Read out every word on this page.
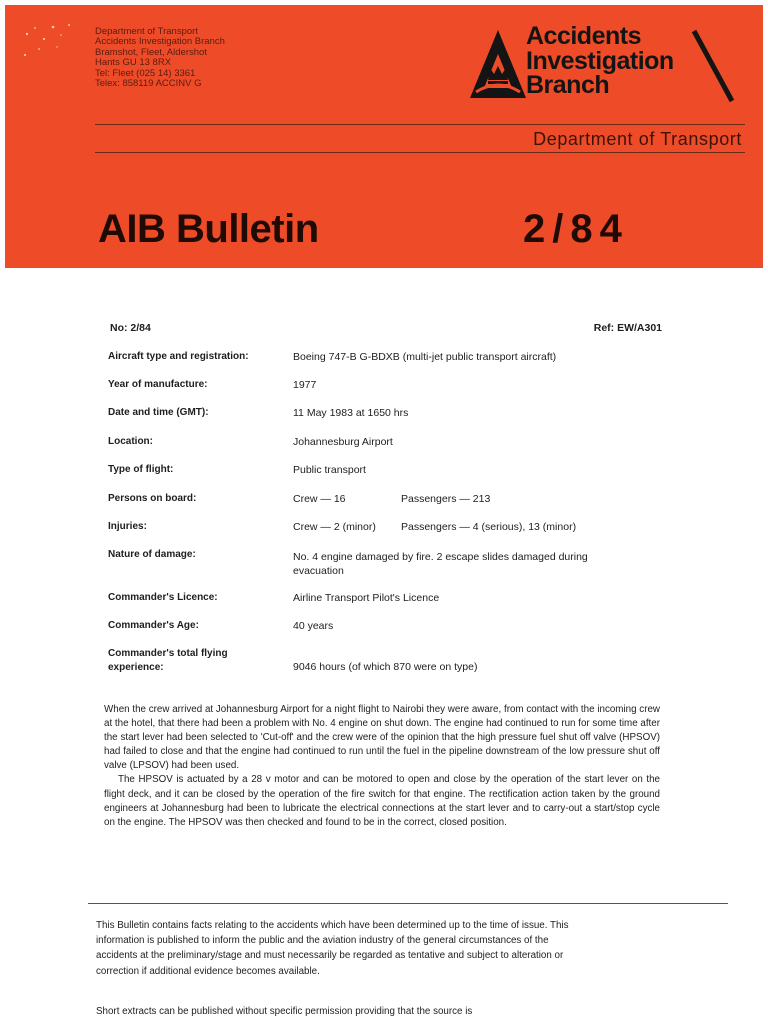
Department of Transport
Accidents Investigation Branch
Bramshot, Fleet, Aldershot
Hants GU 13 8RX
Tel: Fleet (025 14) 3361
Telex: 858119 ACCINV G
Accidents
Investigation
Branch
Department of Transport
AIB Bulletin	2/84
No: 2/84	Ref: EW/A301
Aircraft type and registration:	Boeing 747-B G-BDXB (multi-jet public transport aircraft)
Year of manufacture:	1977
Date and time (GMT):	11 May 1983 at 1650 hrs
Location:	Johannesburg Airport
Type of flight:	Public transport
Persons on board:	Crew — 16	Passengers — 213
Injuries:	Crew — 2 (minor) Passengers — 4 (serious), 13 (minor)
Nature of damage:	No. 4 engine damaged by fire. 2 escape slides damaged during evacuation
Commander's Licence:	Airline Transport Pilot's Licence
Commander's Age:	40 years
Commander's total flying experience:	9046 hours (of which 870 were on type)

When the crew arrived at Johannesburg Airport for a night flight to Nairobi they were aware, from contact with the incoming crew at the hotel, that there had been a problem with No. 4 engine on shut down. The engine had continued to run for some time after the start lever had been selected to 'Cut-off' and the crew were of the opinion that the high pressure fuel shut off valve (HPSOV) had failed to close and that the engine had continued to run until the fuel in the pipeline downstream of the low pressure shut off valve (LPSOV) had been used.

The HPSOV is actuated by a 28 v motor and can be motored to open and close by the operation of the start lever on the flight deck, and it can be closed by the operation of the fire switch for that engine. The rectification action taken by the ground engineers at Johannesburg had been to lubricate the electrical connections at the start lever and to carry-out a start/stop cycle on the engine. The HPSOV was then checked and found to be in the correct, closed position.

This Bulletin contains facts relating to the accidents which have been determined up to the time of issue. This information is published to inform the public and the aviation industry of the general circumstances of the accidents at the preliminary/stage and must necessarily be regarded as tentative and subject to alteration or correction if additional evidence becomes available.
Short extracts can be published without specific permission providing that the source is
